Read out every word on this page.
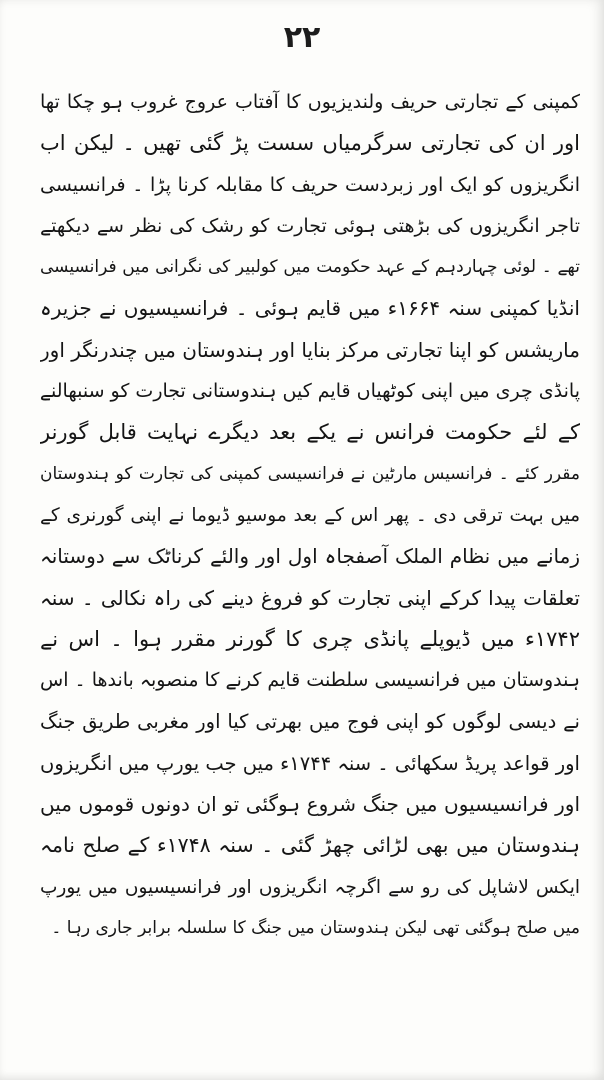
۲۲
کمپنی کے تجارتی حریف ولندیزیوں کا آفتاب عروج غروب ہو چکا تھا
اور ان کی تجارتی سرگرمیاں سست پڑ گئی تھیں ۔ لیکن اب
انگریزوں کو ایک اور زبردست حریف کا مقابلہ کرنا پڑا ۔ فرانسیسی
تاجر انگریزوں کی بڑھتی ہوئی تجارت کو رشک کی نظر سے دیکھتے
تھے ۔ لوئی چہاردہم کے عہد حکومت میں کولبیر کی نگرانی میں فرانسیسی
انڈیا کمپنی سنہ ۱۶۶۴ء میں قایم ہوئی ۔ فرانسیسیوں نے جزیرہ
ماریشس کو اپنا تجارتی مرکز بنایا اور ہندوستان میں چندرنگر اور
پانڈی چری میں اپنی کوٹھیاں قایم کیں ہندوستانی تجارت کو سنبھالنے
کے لئے حکومت فرانس نے یکے بعد دیگرے نہایت قابل گورنر
مقرر کئے ۔ فرانسیس مارٹین نے فرانسیسی کمپنی کی تجارت کو ہندوستان
میں بہت ترقی دی ۔ پھر اس کے بعد موسیو ڈیوما نے اپنی گورنری کے
زمانے میں نظام الملک آصفجاہ اول اور والئے کرناٹک سے دوستانہ
تعلقات پیدا کرکے اپنی تجارت کو فروغ دینے کی راہ نکالی ۔ سنہ
۱۷۴۲ء میں ڈیوپلے پانڈی چری کا گورنر مقرر ہوا ۔ اس نے
ہندوستان میں فرانسیسی سلطنت قایم کرنے کا منصوبہ باندھا ۔ اس
نے دیسی لوگوں کو اپنی فوج میں بھرتی کیا اور مغربی طریق جنگ
اور قواعد پریڈ سکھائی ۔ سنہ ۱۷۴۴ء میں جب یورپ میں انگریزوں
اور فرانسیسیوں میں جنگ شروع ہوگئی تو ان دونوں قوموں میں
ہندوستان میں بھی لڑائی چھڑ گئی ۔ سنہ ۱۷۴۸ء کے صلح نامہ
ایکس لاشاپل کی رو سے اگرچہ انگریزوں اور فرانسیسیوں میں یورپ
میں صلح ہوگئی تھی لیکن ہندوستان میں جنگ کا سلسلہ برابر جاری رہا ۔
